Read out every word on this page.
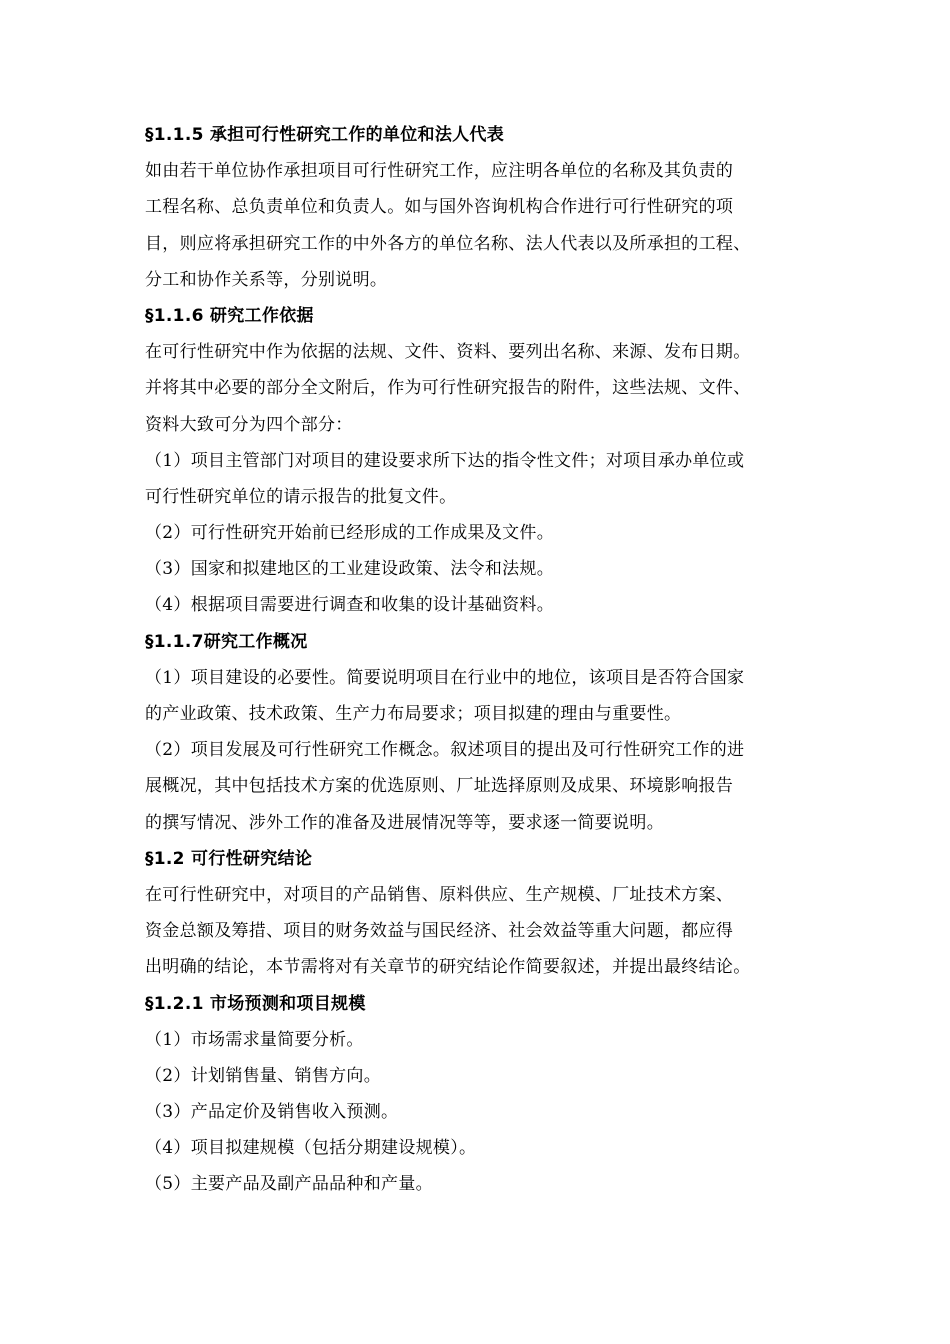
§1.1.5 承担可行性研究工作的单位和法人代表
如由若干单位协作承担项目可行性研究工作，应注明各单位的名称及其负责的
工程名称、总负责单位和负责人。如与国外咨询机构合作进行可行性研究的项
目，则应将承担研究工作的中外各方的单位名称、法人代表以及所承担的工程、
分工和协作关系等，分别说明。
§1.1.6 研究工作依据
在可行性研究中作为依据的法规、文件、资料、要列出名称、来源、发布日期。
并将其中必要的部分全文附后，作为可行性研究报告的附件，这些法规、文件、
资料大致可分为四个部分：
（1）项目主管部门对项目的建设要求所下达的指令性文件；对项目承办单位或
可行性研究单位的请示报告的批复文件。
（2）可行性研究开始前已经形成的工作成果及文件。
（3）国家和拟建地区的工业建设政策、法令和法规。
（4）根据项目需要进行调查和收集的设计基础资料。
§1.1.7研究工作概况
（1）项目建设的必要性。简要说明项目在行业中的地位，该项目是否符合国家
的产业政策、技术政策、生产力布局要求；项目拟建的理由与重要性。
（2）项目发展及可行性研究工作概念。叙述项目的提出及可行性研究工作的进
展概况，其中包括技术方案的优选原则、厂址选择原则及成果、环境影响报告
的撰写情况、涉外工作的准备及进展情况等等，要求逐一简要说明。
§1.2 可行性研究结论
在可行性研究中，对项目的产品销售、原料供应、生产规模、厂址技术方案、
资金总额及筹措、项目的财务效益与国民经济、社会效益等重大问题，都应得
出明确的结论，本节需将对有关章节的研究结论作简要叙述，并提出最终结论。
§1.2.1 市场预测和项目规模
（1）市场需求量简要分析。
（2）计划销售量、销售方向。
（3）产品定价及销售收入预测。
（4）项目拟建规模（包括分期建设规模）。
（5）主要产品及副产品品种和产量。
